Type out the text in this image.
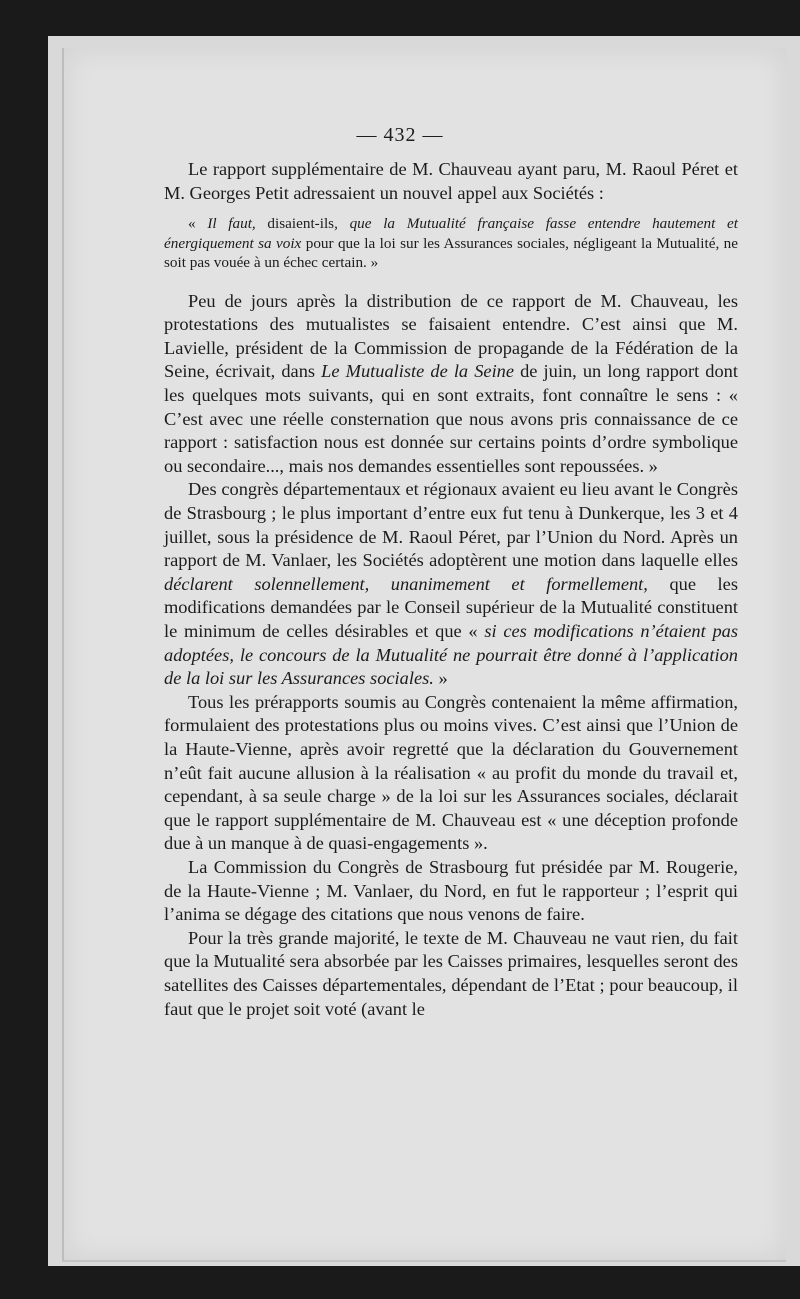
— 432 —

Le rapport supplémentaire de M. Chauveau ayant paru, M. Raoul Péret et M. Georges Petit adressaient un nouvel appel aux Sociétés :

« Il faut, disaient-ils, que la Mutualité française fasse entendre hautement et énergiquement sa voix pour que la loi sur les Assurances sociales, négligeant la Mutualité, ne soit pas vouée à un échec certain. »

Peu de jours après la distribution de ce rapport de M. Chauveau, les protestations des mutualistes se faisaient entendre. C’est ainsi que M. Lavielle, président de la Commission de propagande de la Fédération de la Seine, écrivait, dans Le Mutualiste de la Seine de juin, un long rapport dont les quelques mots suivants, qui en sont extraits, font connaître le sens : « C’est avec une réelle consternation que nous avons pris connaissance de ce rapport : satisfaction nous est donnée sur certains points d’ordre symbolique ou secondaire..., mais nos demandes essentielles sont repoussées. »

Des congrès départementaux et régionaux avaient eu lieu avant le Congrès de Strasbourg ; le plus important d’entre eux fut tenu à Dunkerque, les 3 et 4 juillet, sous la présidence de M. Raoul Péret, par l’Union du Nord. Après un rapport de M. Vanlaer, les Sociétés adoptèrent une motion dans laquelle elles déclarent solennellement, unanimement et formellement, que les modifications demandées par le Conseil supérieur de la Mutualité constituent le minimum de celles désirables et que « si ces modifications n’étaient pas adoptées, le concours de la Mutualité ne pourrait être donné à l’application de la loi sur les Assurances sociales. »

Tous les prérapports soumis au Congrès contenaient la même affirmation, formulaient des protestations plus ou moins vives. C’est ainsi que l’Union de la Haute-Vienne, après avoir regretté que la déclaration du Gouvernement n’eût fait aucune allusion à la réalisation « au profit du monde du travail et, cependant, à sa seule charge » de la loi sur les Assurances sociales, déclarait que le rapport supplémentaire de M. Chauveau est « une déception profonde due à un manque à de quasi-engagements ».

La Commission du Congrès de Strasbourg fut présidée par M. Rougerie, de la Haute-Vienne ; M. Vanlaer, du Nord, en fut le rapporteur ; l’esprit qui l’anima se dégage des citations que nous venons de faire.

Pour la très grande majorité, le texte de M. Chauveau ne vaut rien, du fait que la Mutualité sera absorbée par les Caisses primaires, lesquelles seront des satellites des Caisses départementales, dépendant de l’Etat ; pour beaucoup, il faut que le projet soit voté (avant le
